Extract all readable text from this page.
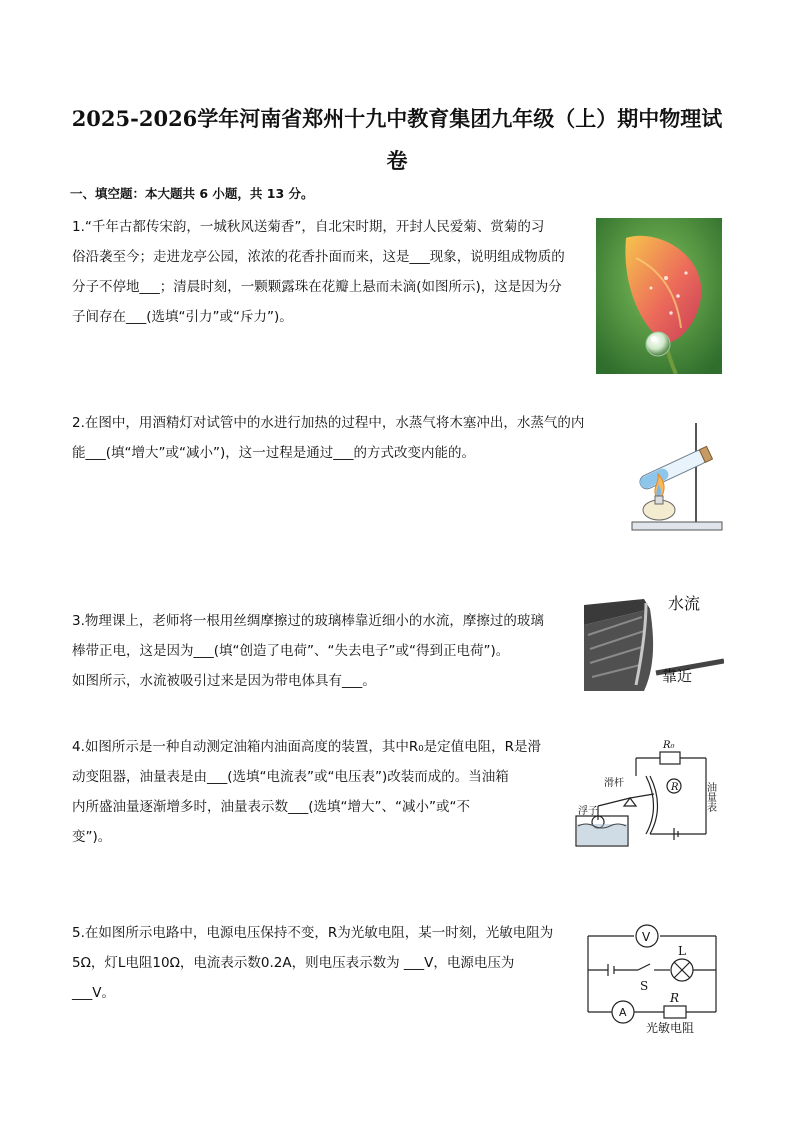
2025-2026学年河南省郑州十九中教育集团九年级（上）期中物理试
卷
一、填空题：本大题共 6 小题，共 13 分。
1.“千年古都传宋韵，一城秋风送菊香”，自北宋时期，开封人民爱菊、赏菊的习
俗沿袭至今；走进龙亭公园，浓浓的花香扑面而来，这是___现象，说明组成物质的
分子不停地___；清晨时刻，一颗颗露珠在花瓣上悬而未滴(如图所示)，这是因为分
子间存在___(选填“引力”或“斥力”)。
2.在图中，用酒精灯对试管中的水进行加热的过程中，水蒸气将木塞冲出，水蒸气的内
能___(填“增大”或“减小”)，这一过程是通过___的方式改变内能的。
3.物理课上，老师将一根用丝绸摩擦过的玻璃棒靠近细小的水流，摩擦过的玻璃
棒带正电，这是因为___(填“创造了电荷”、“失去电子”或“得到正电荷”)。
如图所示，水流被吸引过来是因为带电体具有___。
水流
靠近
4.如图所示是一种自动测定油箱内油面高度的装置，其中R₀是定值电阻，R是滑
动变阻器，油量表是由___(选填“电流表”或“电压表”)改装而成的。当油箱
内所盛油量逐渐增多时，油量表示数___(选填“增大”、“减小”或“不
变”)。
R₀
滑杆	R	油量表
浮子
5.在如图所示电路中，电源电压保持不变，R为光敏电阻，某一时刻，光敏电阻为
5Ω，灯L电阻10Ω，电流表示数0.2A，则电压表示数为 ___V，电源电压为
___V。
V
L
S
A
R
光敏电阻
